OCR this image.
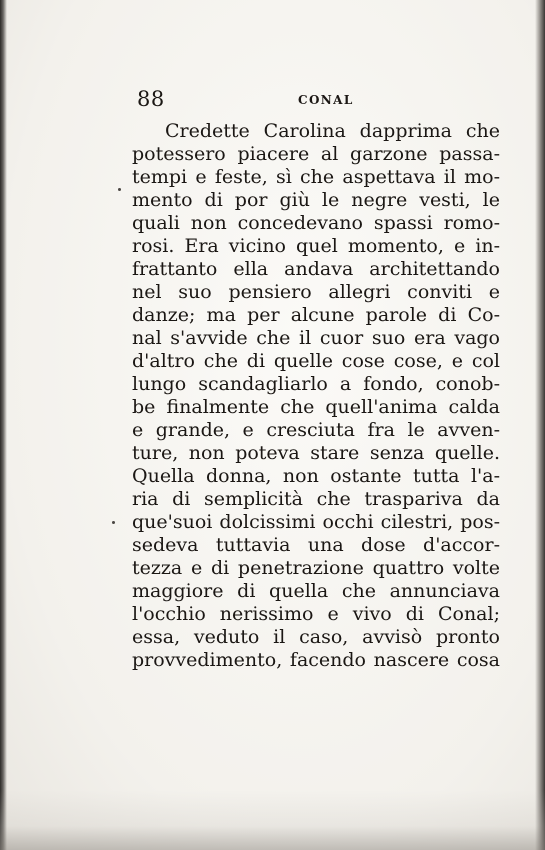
88	CONAL
Credette Carolina dapprima che
potessero piacere al garzone passa-
tempi e feste, sì che aspettava il mo-
mento di por giù le negre vesti, le
quali non concedevano spassi romo-
rosi. Era vicino quel momento, e in-
frattanto ella andava architettando
nel suo pensiero allegri conviti e
danze; ma per alcune parole di Co-
nal s'avvide che il cuor suo era vago
d'altro che di quelle cose cose, e col
lungo scandagliarlo a fondo, conob-
be finalmente che quell'anima calda
e grande, e cresciuta fra le avven-
ture, non poteva stare senza quelle.
Quella donna, non ostante tutta l'a-
ria di semplicità che traspariva da
que'suoi dolcissimi occhi cilestri, pos-
sedeva tuttavia una dose d'accor-
tezza e di penetrazione quattro volte
maggiore di quella che annunciava
l'occhio nerissimo e vivo di Conal;
essa, veduto il caso, avvisò pronto
provvedimento, facendo nascere cosa
